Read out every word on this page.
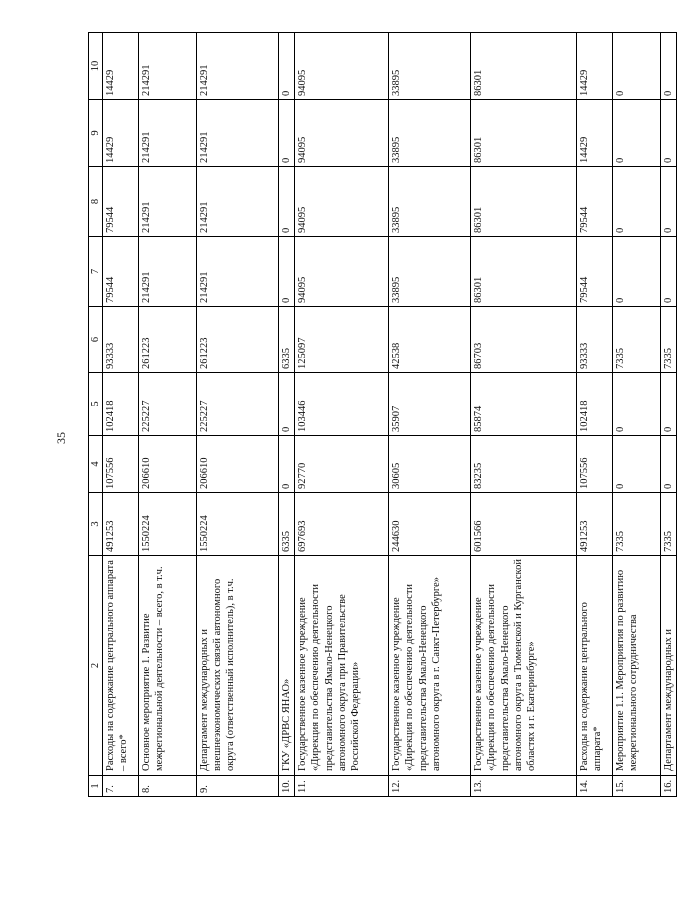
35
1	2	3	4	5	6	7	8	9	10
7.	Расходы на содержание центрального аппарата – всего*	491253	107556	102418	93333	79544	79544	14429	14429
8.	Основное мероприятие 1. Развитие межрегиональной деятельности – всего, в т.ч.	1550224	206610	225227	261223	214291	214291	214291	214291
9.	Департамент международных и внешнеэкономических связей автономного округа (ответственный исполнитель), в т.ч.	1550224	206610	225227	261223	214291	214291	214291	214291
10.	ГКУ «ДРВС ЯНАО»	6335	0	0	6335	0	0	0	0
11.	Государственное казенное учреждение «Дирекция по обеспечению деятельности представительства Ямало-Ненецкого автономного округа при Правительстве Российской Федерации»	697693	92770	103446	125097	94095	94095	94095	94095
12.	Государственное казенное учреждение «Дирекция по обеспечению деятельности представительства Ямало-Ненецкого автономного округа в г. Санкт-Петербурге»	244630	30605	35907	42538	33895	33895	33895	33895
13.	Государственное казенное учреждение «Дирекция по обеспечению деятельности представительства Ямало-Ненецкого автономного округа в Тюменской и Курганской областях и г. Екатеринбурге»	601566	83235	85874	86703	86301	86301	86301	86301
14.	Расходы на содержание центрального аппарата*	491253	107556	102418	93333	79544	79544	14429	14429
15.	Мероприятие 1.1. Мероприятия по развитию межрегионального сотрудничества	7335	0	0	7335	0	0	0	0
16.	Департамент международных и	7335	0	0	7335	0	0	0	0
